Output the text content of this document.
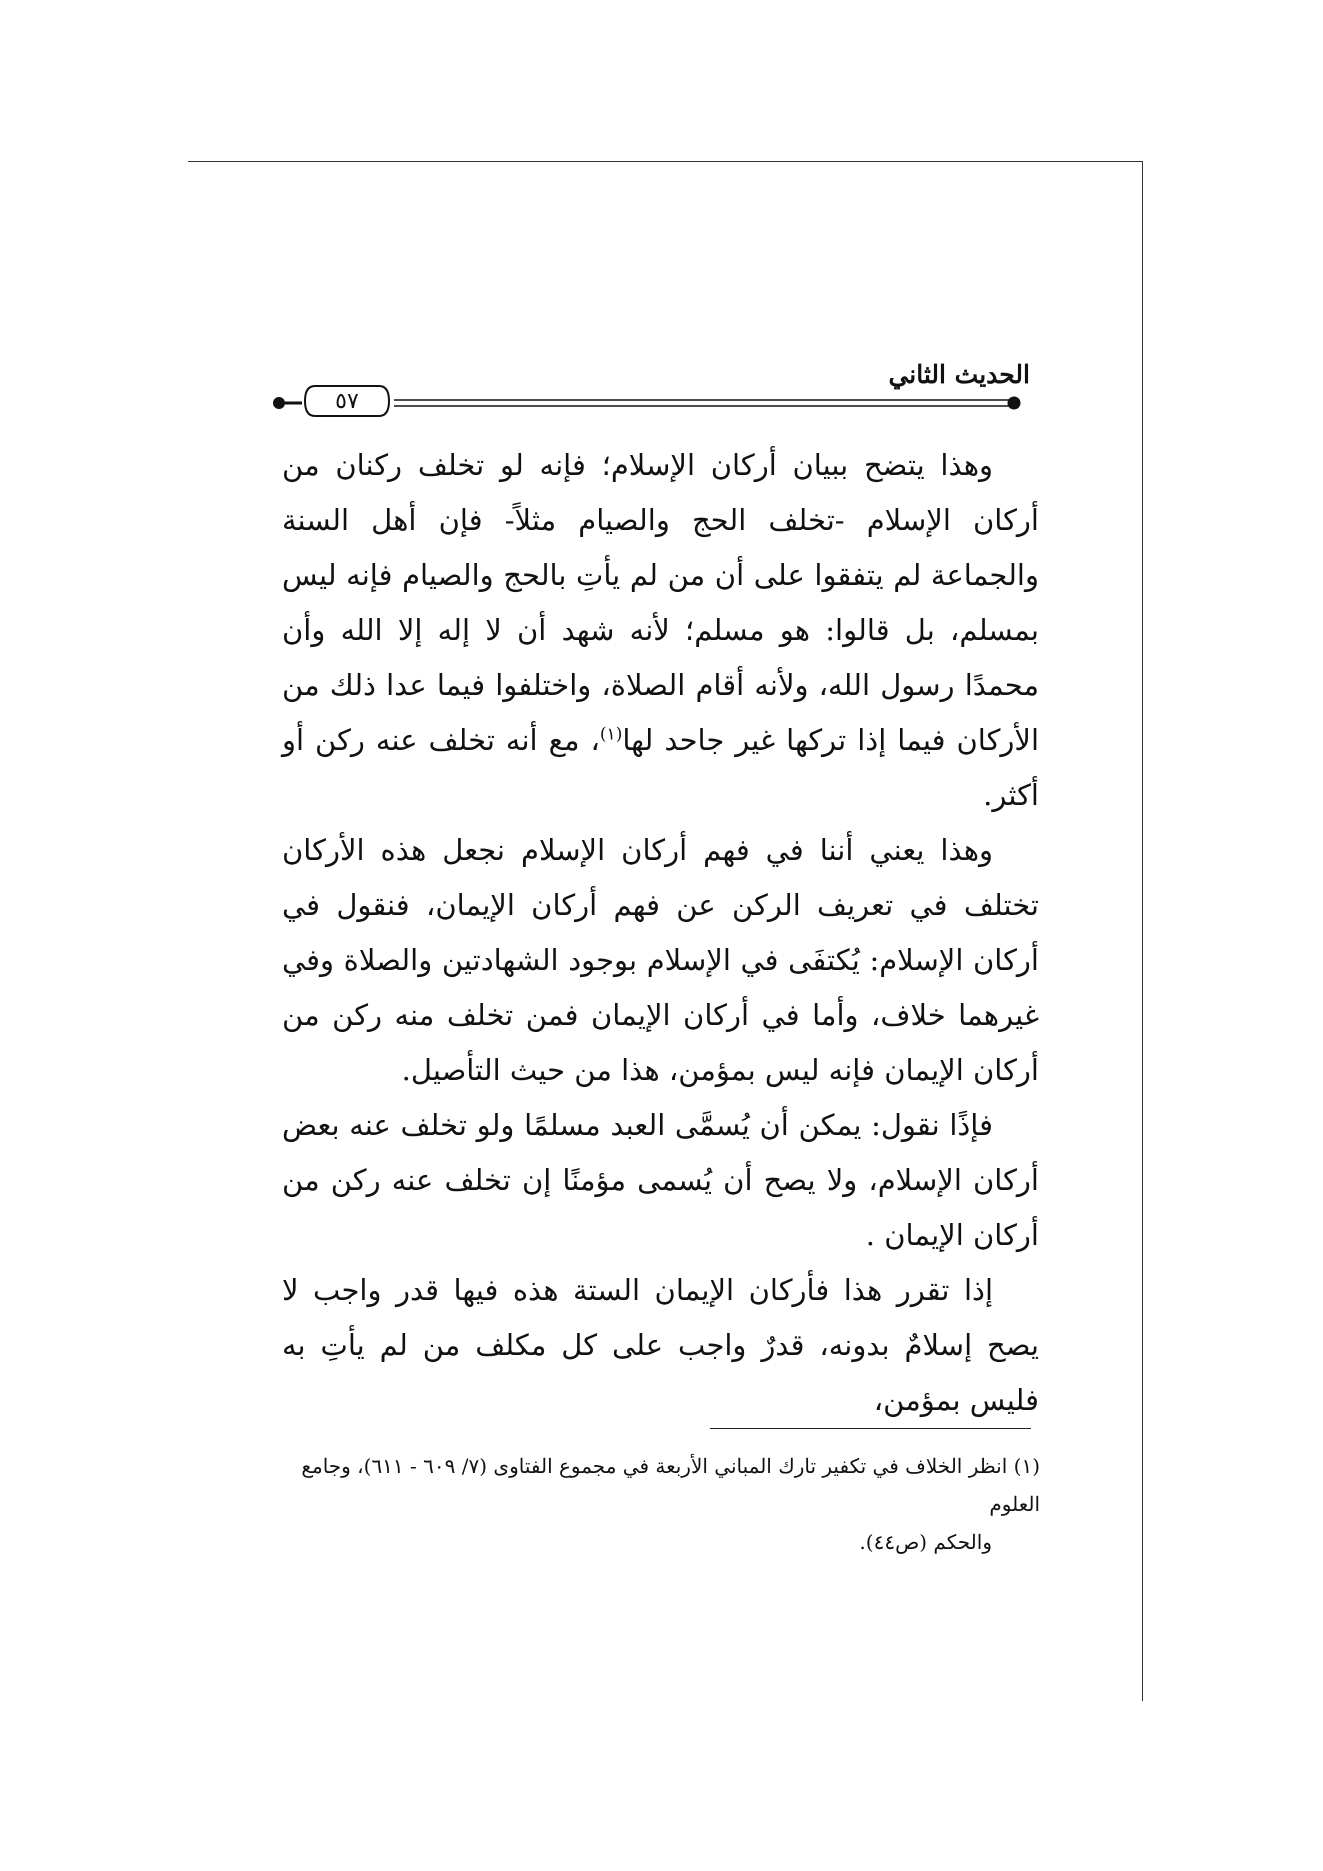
الحديث الثاني
٥٧

وهذا يتضح ببيان أركان الإسلام؛ فإنه لو تخلف ركنان من أركان الإسلام -تخلف الحج والصيام مثلاً- فإن أهل السنة والجماعة لم يتفقوا على أن من لم يأتِ بالحج والصيام فإنه ليس بمسلم، بل قالوا: هو مسلم؛ لأنه شهد أن لا إله إلا الله وأن محمدًا رسول الله، ولأنه أقام الصلاة، واختلفوا فيما عدا ذلك من الأركان فيما إذا تركها غير جاحد لها$^{(١)}$، مع أنه تخلف عنه ركن أو أكثر.

وهذا يعني أننا في فهم أركان الإسلام نجعل هذه الأركان تختلف في تعريف الركن عن فهم أركان الإيمان، فنقول في أركان الإسلام: يُكتفَى في الإسلام بوجود الشهادتين والصلاة وفي غيرهما خلاف، وأما في أركان الإيمان فمن تخلف منه ركن من أركان الإيمان فإنه ليس بمؤمن، هذا من حيث التأصيل.

فإذًا نقول: يمكن أن يُسمَّى العبد مسلمًا ولو تخلف عنه بعض أركان الإسلام، ولا يصح أن يُسمى مؤمنًا إن تخلف عنه ركن من أركان الإيمان .

إذا تقرر هذا فأركان الإيمان الستة هذه فيها قدر واجب لا يصح إسلامٌ بدونه، قدرٌ واجب على كل مكلف من لم يأتِ به فليس بمؤمن،

(١) انظر الخلاف في تكفير تارك المباني الأربعة في مجموع الفتاوى (٧/ ٦٠٩ - ٦١١)، وجامع العلوم

والحكم (ص٤٤).
